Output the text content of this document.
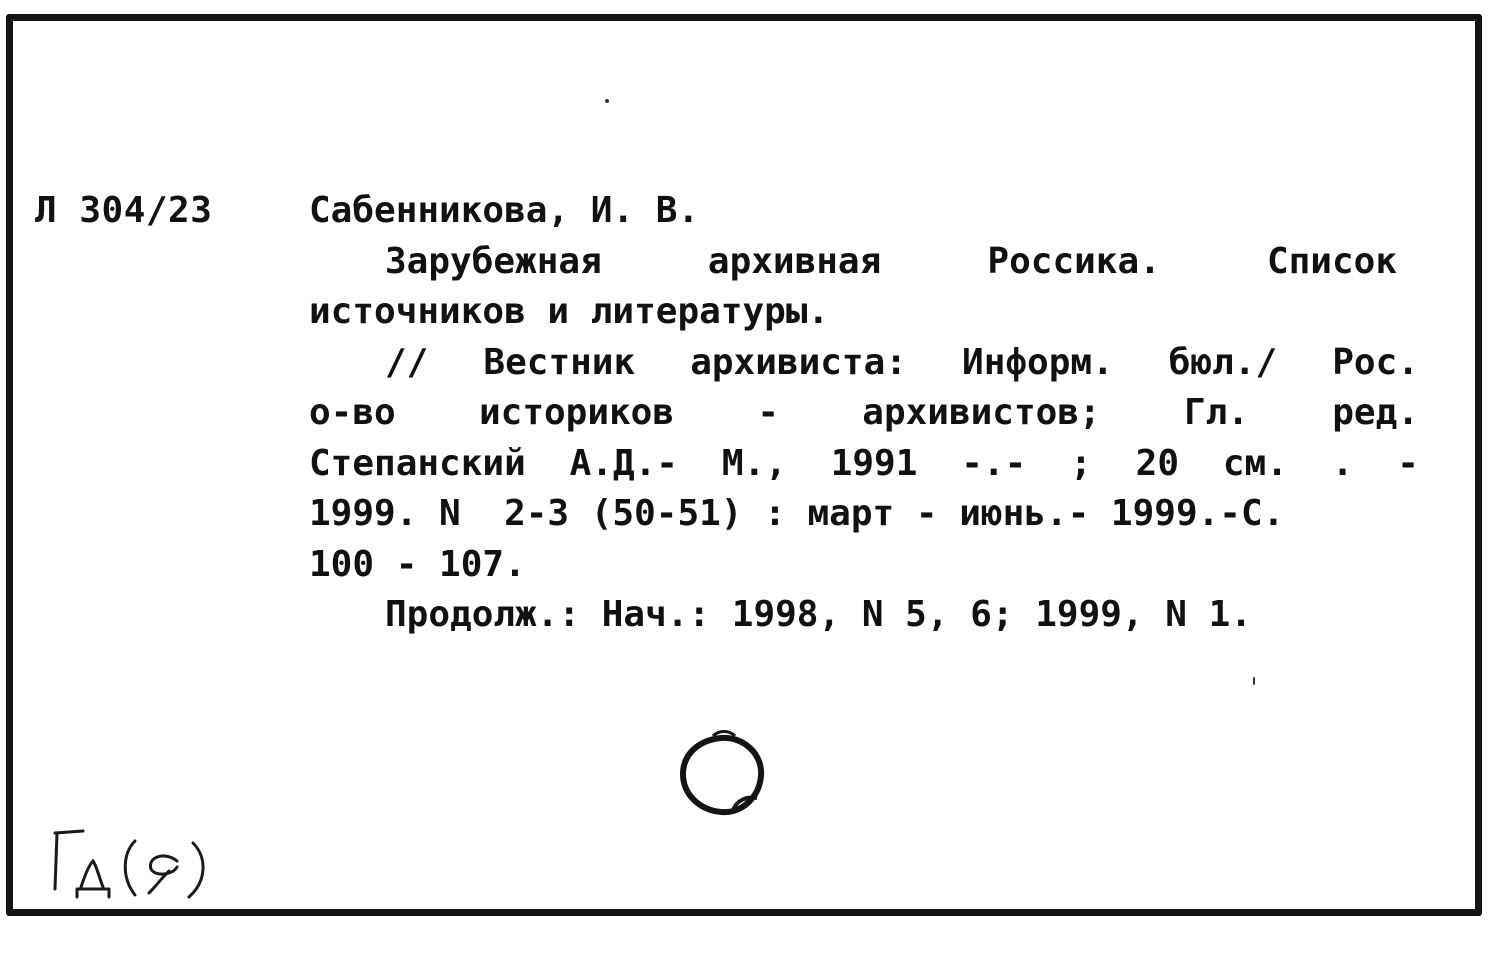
Л 304/23	Сабенникова, И. В.
Зарубежная	архивная	Россика.	Список
источников и литературы.
// Вестник архивиста: Информ. бюл./ Рос.
о-во историков - архивистов; Гл. ред.
Степанский А.Д.- М., 1991 -.- ; 20 см. . -
1999. N  2-3 (50-51) : март - июнь.- 1999.-С.
100 - 107.
Продолж.: Нач.: 1998, N 5, 6; 1999, N 1.
